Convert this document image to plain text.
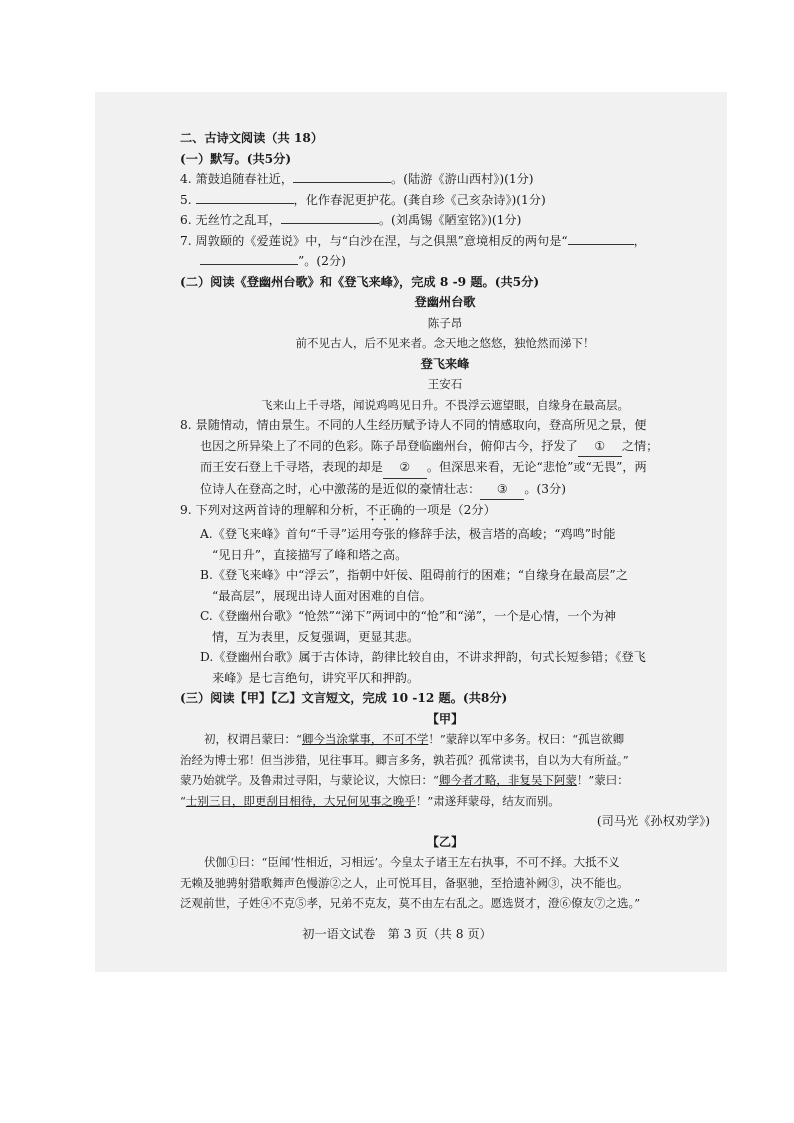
二、古诗文阅读（共 18）
(一）默写。(共5分)
4. 箫鼓追随春社近，	。(陆游《游山西村》)(1分)
5.	，化作春泥更护花。(龚自珍《己亥杂诗》)(1分)
6. 无丝竹之乱耳，	。(刘禹锡《陋室铭》)(1分)
7. 周敦颐的《爱莲说》中，与“白沙在涅，与之俱黑”意境相反的两句是“	，
”。(2分)
(二）阅读《登幽州台歌》和《登飞来峰》，完成 8 -9 题。(共5分)
登幽州台歌
陈子昂
前不见古人，后不见来者。念天地之悠悠，独怆然而涕下！
登飞来峰
王安石
飞来山上千寻塔，闻说鸡鸣见日升。不畏浮云遮望眼，自缘身在最高层。
8. 景随情动，情由景生。不同的人生经历赋予诗人不同的情感取向，登高所见之景，便
也因之所异染上了不同的色彩。陈子昂登临幽州台，俯仰古今，抒发了 ① 之情；
而王安石登上千寻塔，表现的却是 ② 。但深思来看，无论“悲怆”或“无畏”，两
位诗人在登高之时，心中激荡的是近似的豪情壮志： ③ 。(3分)
9. 下列对这两首诗的理解和分析，不正确的一项是（2分）
A.《登飞来峰》首句“千寻”运用夸张的修辞手法，极言塔的高峻；“鸡鸣”时能
“见日升”，直接描写了峰和塔之高。
B.《登飞来峰》中“浮云”，指朝中奸佞、阻碍前行的困难；“自缘身在最高层”之
“最高层”，展现出诗人面对困难的自信。
C.《登幽州台歌》“怆然”“涕下”两词中的“怆”和“涕”，一个是心情，一个为神
情，互为表里，反复强调，更显其悲。
D.《登幽州台歌》属于古体诗，韵律比较自由，不讲求押韵，句式长短参错；《登飞
来峰》是七言绝句，讲究平仄和押韵。
(三）阅读【甲】【乙】文言短文，完成 10 -12 题。(共8分)
【甲】
初，权谓吕蒙曰：“卿今当涂掌事，不可不学！”蒙辞以军中多务。权曰：“孤岂欲卿
治经为博士邪！但当涉猎，见往事耳。卿言多务，孰若孤？孤常读书，自以为大有所益。”
蒙乃始就学。及鲁肃过寻阳，与蒙论议，大惊曰：“卿今者才略，非复吴下阿蒙！”蒙曰：
“士别三日，即更刮目相待，大兄何见事之晚乎！”肃遂拜蒙母，结友而别。
(司马光《孙权劝学》)
【乙】
伏伽①曰：“臣闻‘性相近，习相远’。今皇太子诸王左右执事，不可不择。大抵不义
无赖及驰骋射猎歌舞声色慢游②之人，止可悦耳目，备驱驰，至拾遗补阙③，决不能也。
泛观前世，子姓④不克⑤孝，兄弟不克友，莫不由左右乱之。愿选贤才，澄⑥僚友⑦之选。”
初一语文试卷　第 3 页（共 8 页）
